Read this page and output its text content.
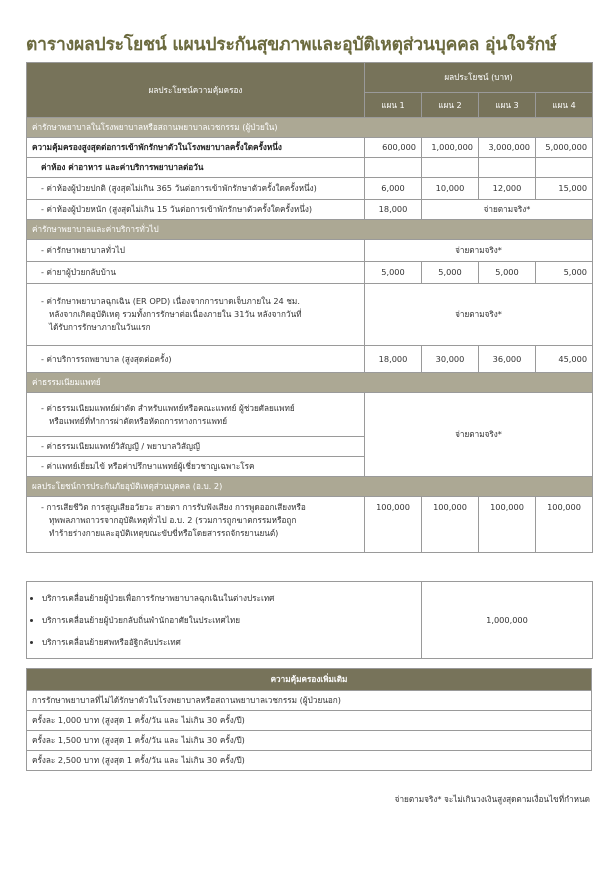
ตารางผลประโยชน์ แผนประกันสุขภาพและอุบัติเหตุส่วนบุคคล อุ่นใจรักษ์
ผลประโยชน์ความคุ้มครอง	ผลประโยชน์ (บาท)			
	แผน 1	แผน 2	แผน 3	แผน 4
ค่ารักษาพยาบาลในโรงพยาบาลหรือสถานพยาบาลเวชกรรม (ผู้ป่วยใน)				
ความคุ้มครองสูงสุดต่อการเข้าพักรักษาตัวในโรงพยาบาลครั้งใดครั้งหนึ่ง	600,000	1,000,000	3,000,000	5,000,000
ค่าห้อง ค่าอาหาร และค่าบริการพยาบาลต่อวัน				
- ค่าห้องผู้ป่วยปกติ (สูงสุดไม่เกิน 365 วันต่อการเข้าพักรักษาตัวครั้งใดครั้งหนึ่ง)	6,000	10,000	12,000	15,000
- ค่าห้องผู้ป่วยหนัก (สูงสุดไม่เกิน 15 วันต่อการเข้าพักรักษาตัวครั้งใดครั้งหนึ่ง)	18,000	จ่ายตามจริง*		
ค่ารักษาพยาบาลและค่าบริการทั่วไป				
- ค่ารักษาพยาบาลทั่วไป	จ่ายตามจริง*			
- ค่ายาผู้ป่วยกลับบ้าน	5,000	5,000	5,000	5,000

- ค่ารักษาพยาบาลฉุกเฉิน (ER OPD) เนื่องจากการบาดเจ็บภายใน 24 ชม.
หลังจากเกิดอุบัติเหตุ รวมทั้งการรักษาต่อเนื่องภายใน 31วัน หลังจากวันที่
ได้รับการรักษาภายในวันแรก	จ่ายตามจริง*			
- ค่าบริการรถพยาบาล (สูงสุดต่อครั้ง)	18,000	30,000	36,000	45,000
ค่าธรรมเนียมแพทย์				

- ค่าธรรมเนียมแพทย์ผ่าตัด สำหรับแพทย์หรือคณะแพทย์ ผู้ช่วยศัลยแพทย์
หรือแพทย์ที่ทำการผ่าตัดหรือหัตถการทางการแพทย์	จ่ายตามจริง*			
- ค่าธรรมเนียมแพทย์วิสัญญี / พยาบาลวิสัญญี				
- ค่าแพทย์เยี่ยมไข้ หรือค่าปรึกษาแพทย์ผู้เชี่ยวชาญเฉพาะโรค				
ผลประโยชน์การประกันภัยอุบัติเหตุส่วนบุคคล (อ.บ. 2)				

- การเสียชีวิต การสูญเสียอวัยวะ สายตา การรับฟังเสียง การพูดออกเสียงหรือ
ทุพพลภาพถาวรจากอุบัติเหตุทั่วไป อ.บ. 2 (รวมการถูกฆาตกรรมหรือถูก
ทำร้ายร่างกายและอุบัติเหตุขณะขับขี่หรือโดยสารรถจักรยานยนต์)	100,000	100,000	100,000	100,000
• บริการเคลื่อนย้ายผู้ป่วยเพื่อการรักษาพยาบาลฉุกเฉินในต่างประเทศ
• บริการเคลื่อนย้ายผู้ป่วยกลับถิ่นพำนักอาศัยในประเทศไทย
• บริการเคลื่อนย้ายศพหรืออัฐิกลับประเทศ
	1,000,000
ความคุ้มครองเพิ่มเติม
การรักษาพยาบาลที่ไม่ได้รักษาตัวในโรงพยาบาลหรือสถานพยาบาลเวชกรรม (ผู้ป่วยนอก)
ครั้งละ 1,000 บาท (สูงสุด 1 ครั้ง/วัน และ ไม่เกิน 30 ครั้ง/ปี)
ครั้งละ 1,500 บาท (สูงสุด 1 ครั้ง/วัน และ ไม่เกิน 30 ครั้ง/ปี)
ครั้งละ 2,500 บาท (สูงสุด 1 ครั้ง/วัน และ ไม่เกิน 30 ครั้ง/ปี)
จ่ายตามจริง* จะไม่เกินวงเงินสูงสุดตามเงื่อนไขที่กำหนด
